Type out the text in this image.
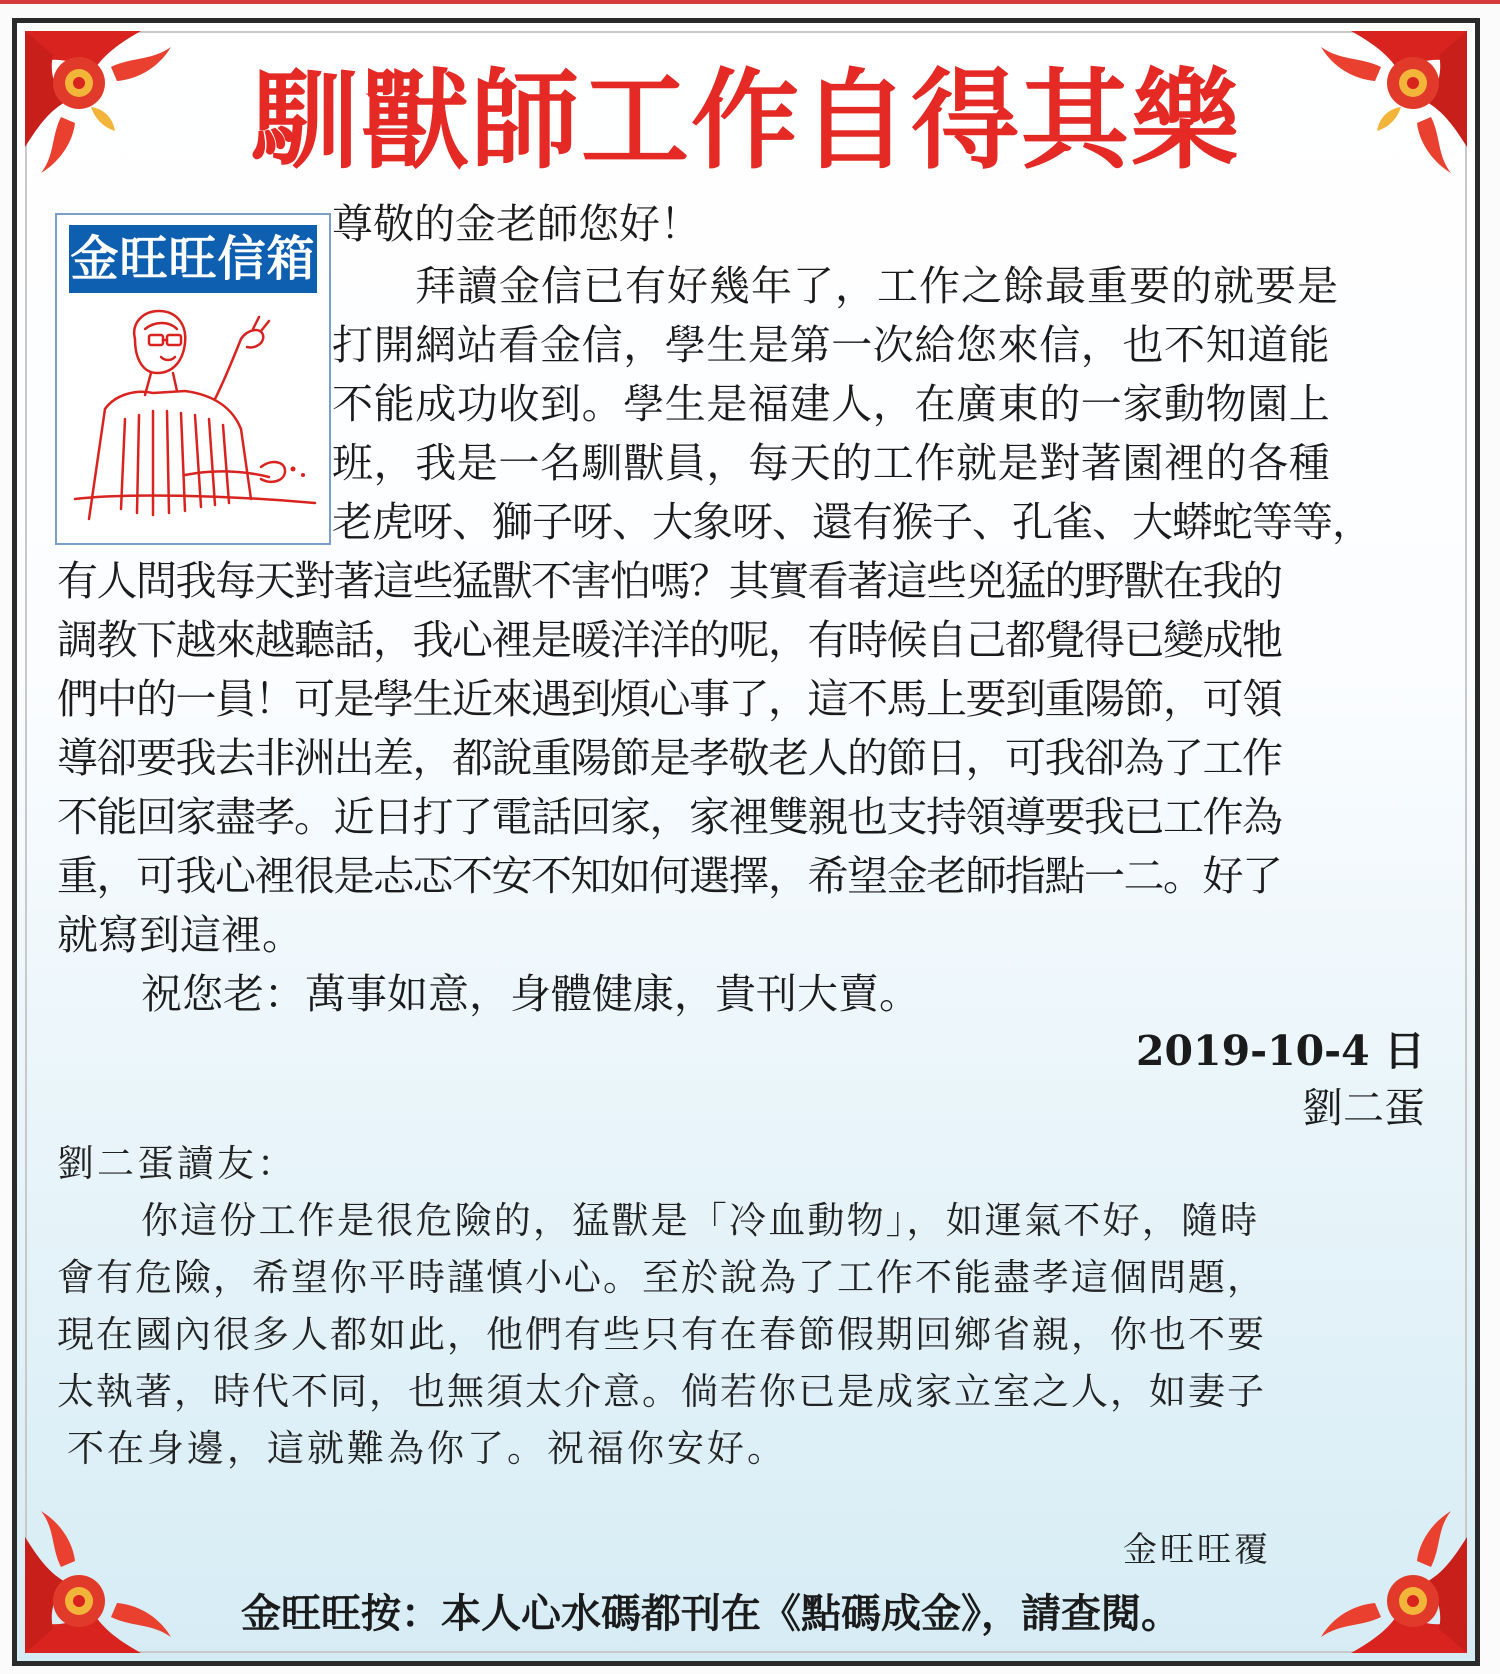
馴獸師工作自得其樂
金旺旺信箱
尊敬的金老師您好！
拜讀金信已有好幾年了，工作之餘最重要的就要是
打開網站看金信，學生是第一次給您來信，也不知道能
不能成功收到。學生是福建人，在廣東的一家動物園上
班，我是一名馴獸員，每天的工作就是對著園裡的各種
老虎呀、獅子呀、大象呀、還有猴子、孔雀、大蟒蛇等等，
有人問我每天對著這些猛獸不害怕嗎？其實看著這些兇猛的野獸在我的
調教下越來越聽話，我心裡是暖洋洋的呢，有時候自己都覺得已變成牠
們中的一員！可是學生近來遇到煩心事了，這不馬上要到重陽節，可領
導卻要我去非洲出差，都說重陽節是孝敬老人的節日，可我卻為了工作
不能回家盡孝。近日打了電話回家，家裡雙親也支持領導要我已工作為
重，可我心裡很是忐忑不安不知如何選擇，希望金老師指點一二。好了
就寫到這裡。
祝您老：萬事如意，身體健康，貴刊大賣。
2019-10-4 日
劉二蛋
劉二蛋讀友：
你這份工作是很危險的，猛獸是「冷血動物」，如運氣不好，隨時
會有危險，希望你平時謹慎小心。至於說為了工作不能盡孝這個問題，
現在國內很多人都如此，他們有些只有在春節假期回鄉省親，你也不要
太執著，時代不同，也無須太介意。倘若你已是成家立室之人，如妻子
不在身邊，這就難為你了。祝福你安好。
金旺旺覆
金旺旺按：本人心水碼都刊在《點碼成金》，請查閱。
